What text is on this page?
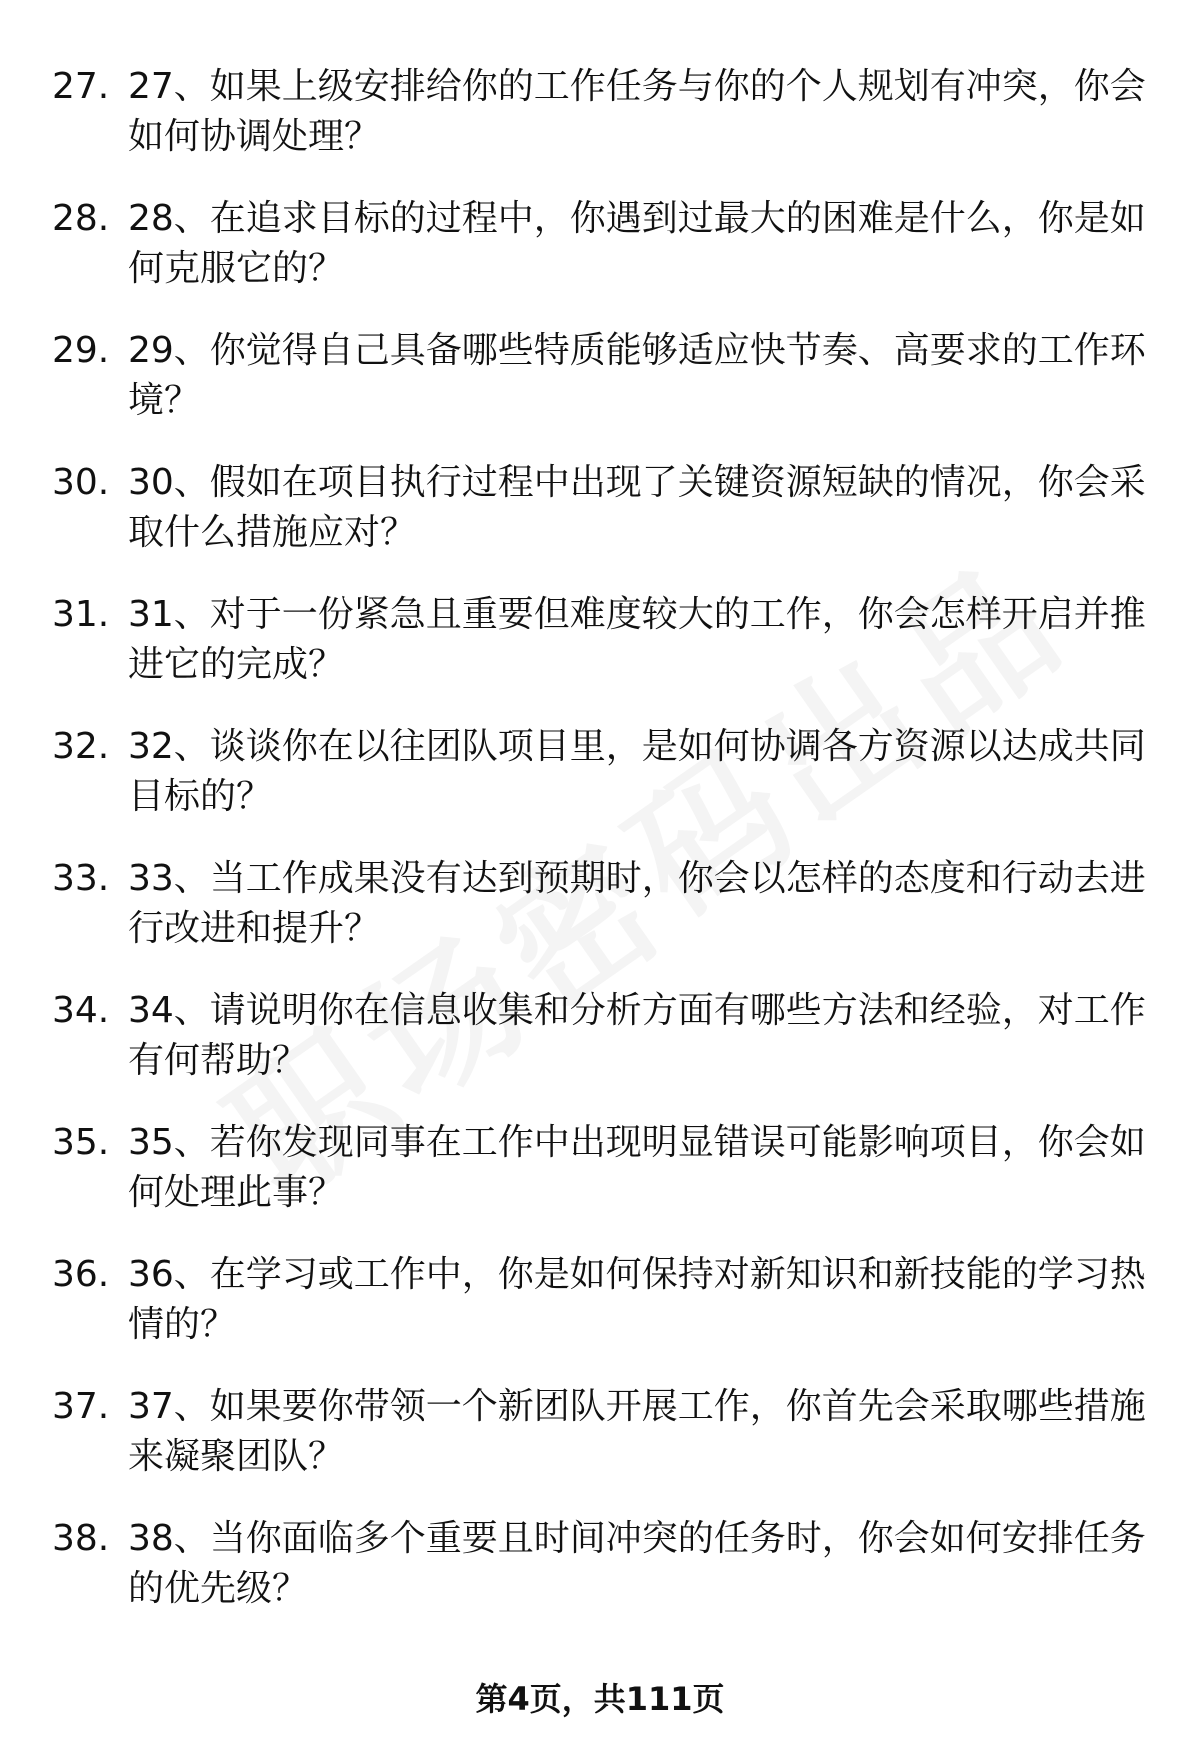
27. 27、如果上级安排给你的工作任务与你的个人规划有冲突，你会如何协调处理？
28. 28、在追求目标的过程中，你遇到过最大的困难是什么，你是如何克服它的？
29. 29、你觉得自己具备哪些特质能够适应快节奏、高要求的工作环境？
30. 30、假如在项目执行过程中出现了关键资源短缺的情况，你会采取什么措施应对？
31. 31、对于一份紧急且重要但难度较大的工作，你会怎样开启并推进它的完成？
32. 32、谈谈你在以往团队项目里，是如何协调各方资源以达成共同目标的？
33. 33、当工作成果没有达到预期时，你会以怎样的态度和行动去进行改进和提升？
34. 34、请说明你在信息收集和分析方面有哪些方法和经验，对工作有何帮助？
35. 35、若你发现同事在工作中出现明显错误可能影响项目，你会如何处理此事？
36. 36、在学习或工作中，你是如何保持对新知识和新技能的学习热情的？
37. 37、如果要你带领一个新团队开展工作，你首先会采取哪些措施来凝聚团队？
38. 38、当你面临多个重要且时间冲突的任务时，你会如何安排任务的优先级？
第4页，共111页
